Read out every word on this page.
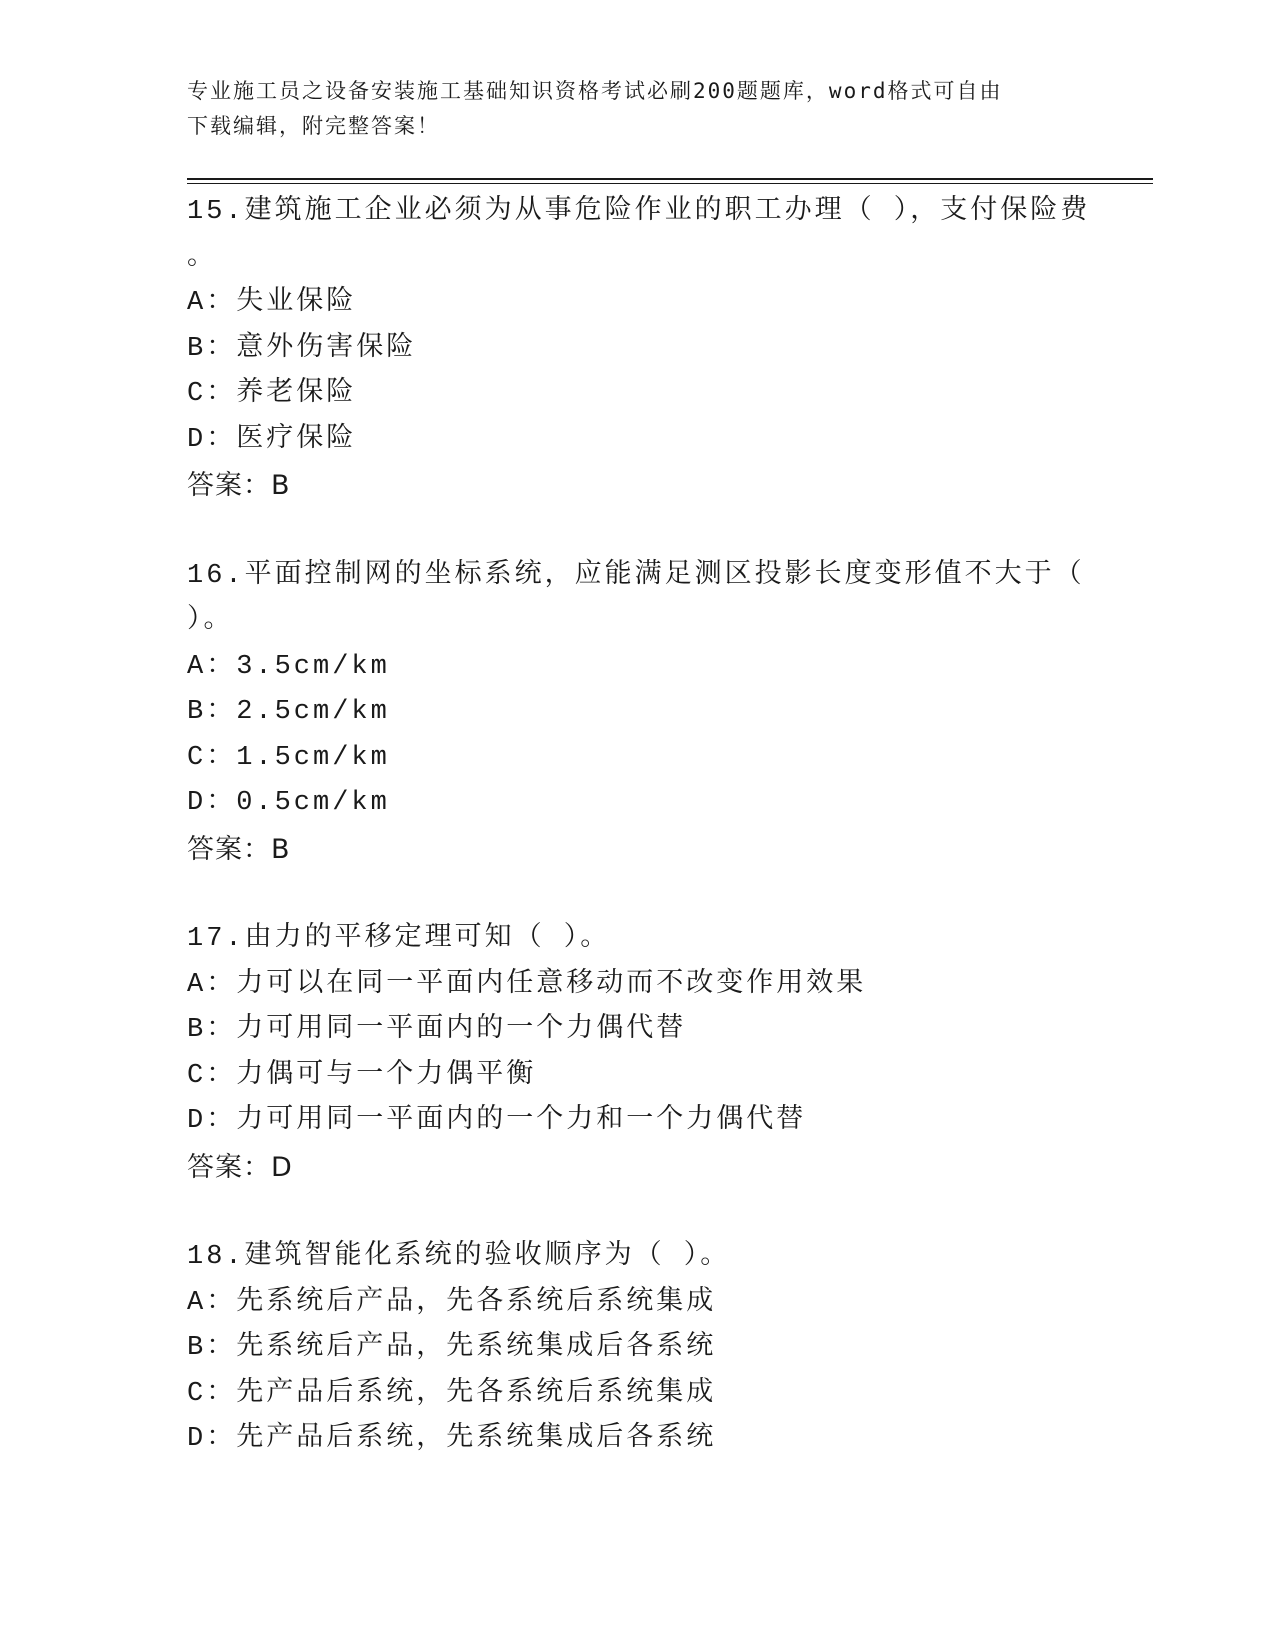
专业施工员之设备安装施工基础知识资格考试必刷200题题库，word格式可自由
下载编辑，附完整答案！
15.建筑施工企业必须为从事危险作业的职工办理（ ），支付保险费
。
A：失业保险
B：意外伤害保险
C：养老保险
D：医疗保险
答案：B
16.平面控制网的坐标系统，应能满足测区投影长度变形值不大于（
）。
A：3.5cm/km
B：2.5cm/km
C：1.5cm/km
D：0.5cm/km
答案：B
17.由力的平移定理可知（ ）。
A：力可以在同一平面内任意移动而不改变作用效果
B：力可用同一平面内的一个力偶代替
C：力偶可与一个力偶平衡
D：力可用同一平面内的一个力和一个力偶代替
答案：D
18.建筑智能化系统的验收顺序为（ ）。
A：先系统后产品，先各系统后系统集成
B：先系统后产品，先系统集成后各系统
C：先产品后系统，先各系统后系统集成
D：先产品后系统，先系统集成后各系统
